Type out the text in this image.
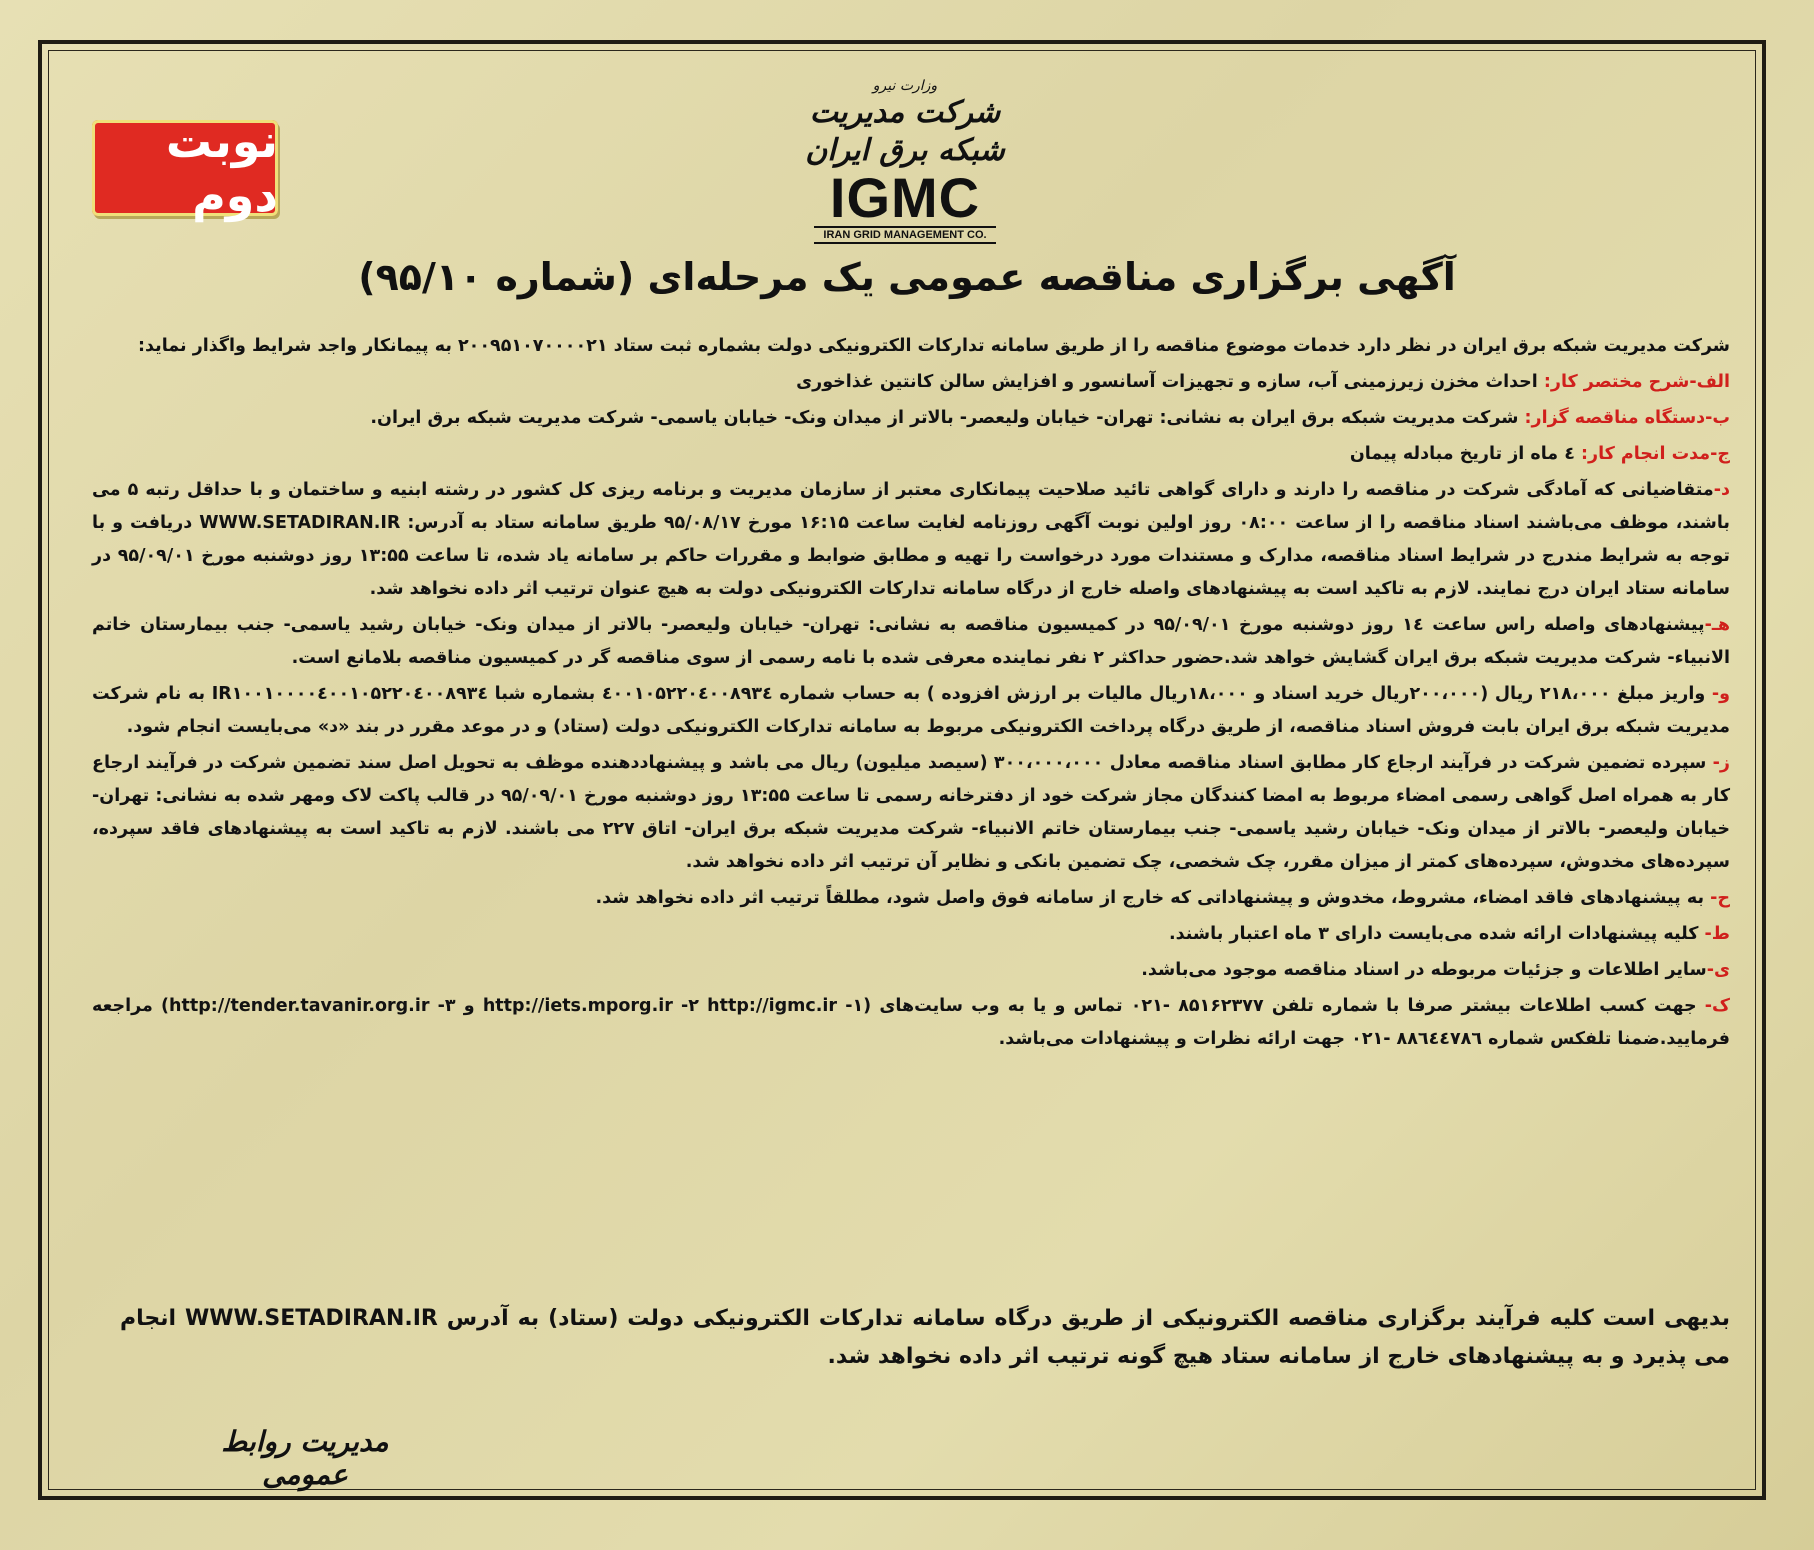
نوبت دوم
وزارت نیرو
شرکت مدیریت شبکه برق ایران
IGMC
IRAN GRID MANAGEMENT CO.
آگهی برگزاری مناقصه عمومی یک مرحله‌ای (شماره ۹۵/۱۰)

شرکت مدیریت شبکه برق ایران در نظر دارد خدمات موضوع مناقصه را از طریق سامانه تدارکات الکترونیکی دولت بشماره ثبت ستاد ۲۰۰۹۵۱۰۷۰۰۰۰۲۱ به پیمانکار واجد شرایط واگذار نماید:

الف-شرح مختصر کار: احداث مخزن زیرزمینی آب، سازه و تجهیزات آسانسور و افزایش سالن کانتین غذاخوری

ب-دستگاه مناقصه گزار: شرکت مدیریت شبکه برق ایران به نشانی: تهران- خیابان ولیعصر- بالاتر از میدان ونک- خیابان یاسمی- شرکت مدیریت شبکه برق ایران.

ج-مدت انجام کار: ٤ ماه از تاریخ مبادله پیمان

د-متقاضیانی که آمادگی شرکت در مناقصه را دارند و دارای گواهی تائید صلاحیت پیمانکاری معتبر از سازمان مدیریت و برنامه ریزی کل کشور در رشته ابنیه و ساختمان و با حداقل رتبه ۵ می باشند، موظف می‌باشند اسناد مناقصه را از ساعت ۰۸:۰۰ روز اولین نوبت آگهی روزنامه لغایت ساعت ۱۶:۱۵ مورخ ۹۵/۰۸/۱۷ طریق سامانه ستاد به آدرس: WWW.SETADIRAN.IR دریافت و با توجه به شرایط مندرج در شرایط اسناد مناقصه، مدارک و مستندات مورد درخواست را تهیه و مطابق ضوابط و مقررات حاکم بر سامانه یاد شده، تا ساعت ۱۳:۵۵ روز دوشنبه مورخ ۹۵/۰۹/۰۱ در سامانه ستاد ایران درج نمایند. لازم به تاکید است به پیشنهادهای واصله خارج از درگاه سامانه تدارکات الکترونیکی دولت به هیچ عنوان ترتیب اثر داده نخواهد شد.

هـ-پیشنهادهای واصله راس ساعت ۱٤ روز دوشنبه مورخ ۹۵/۰۹/۰۱ در کمیسیون مناقصه به نشانی: تهران- خیابان ولیعصر- بالاتر از میدان ونک- خیابان رشید یاسمی- جنب بیمارستان خاتم الانبیاء- شرکت مدیریت شبکه برق ایران گشایش خواهد شد.حضور حداکثر ۲ نفر نماینده معرفی شده با نامه رسمی از سوی مناقصه گر در کمیسیون مناقصه بلامانع است.

و- واریز مبلغ ۲۱۸،۰۰۰ ریال (۲۰۰،۰۰۰ریال خرید اسناد و ۱۸،۰۰۰ریال مالیات بر ارزش افزوده ) به حساب شماره ٤۰۰۱۰۵۲۲۰٤۰۰۸۹۳٤ بشماره شبا IR۱۰۰۱۰۰۰۰٤۰۰۱۰۵۲۲۰٤۰۰۸۹۳٤ به نام شرکت مدیریت شبکه برق ایران بابت فروش اسناد مناقصه، از طریق درگاه پرداخت الکترونیکی مربوط به سامانه تدارکات الکترونیکی دولت (ستاد) و در موعد مقرر در بند «د» می‌بایست انجام شود.

ز- سپرده تضمین شرکت در فرآیند ارجاع کار مطابق اسناد مناقصه معادل ۳۰۰،۰۰۰،۰۰۰ (سیصد میلیون) ریال می باشد و پیشنهاددهنده موظف به تحویل اصل سند تضمین شرکت در فرآیند ارجاع کار به همراه اصل گواهی رسمی امضاء مربوط به امضا کنندگان مجاز شرکت خود از دفترخانه رسمی تا ساعت ۱۳:۵۵ روز دوشنبه مورخ ۹۵/۰۹/۰۱ در قالب پاکت لاک ومهر شده به نشانی: تهران- خیابان ولیعصر- بالاتر از میدان ونک- خیابان رشید یاسمی- جنب بیمارستان خاتم الانبیاء- شرکت مدیریت شبکه برق ایران- اتاق ۲۲۷ می باشند. لازم به تاکید است به پیشنهادهای فاقد سپرده، سپرده‌های مخدوش، سپرده‌های کمتر از میزان مقرر، چک شخصی، چک تضمین بانکی و نظایر آن ترتیب اثر داده نخواهد شد.

ح- به پیشنهادهای فاقد امضاء، مشروط، مخدوش و پیشنهاداتی که خارج از سامانه فوق واصل شود، مطلقاً ترتیب اثر داده نخواهد شد.

ط- کلیه پیشنهادات ارائه شده می‌بایست دارای ۳ ماه اعتبار باشند.

ی-سایر اطلاعات و جزئیات مربوطه در اسناد مناقصه موجود می‌باشد.

ک- جهت کسب اطلاعات بیشتر صرفا با شماره تلفن ۸۵۱۶۲۳۷۷ -۰۲۱ تماس و یا به وب سایت‌های (۱- http://iets.mporg.ir -۲ http://igmc.ir و ۳- http://tender.tavanir.org.ir) مراجعه فرمایید.ضمنا تلفکس شماره ۸۸٦٤٤۷۸٦ -۰۲۱ جهت ارائه نظرات و پیشنهادات می‌باشد.

بدیهی است کلیه فرآیند برگزاری مناقصه الکترونیکی از طریق درگاه سامانه تدارکات الکترونیکی دولت (ستاد) به آدرس WWW.SETADIRAN.IR انجام می پذیرد و به پیشنهادهای خارج از سامانه ستاد هیچ گونه ترتیب اثر داده نخواهد شد.
مدیریت روابط عمومی
